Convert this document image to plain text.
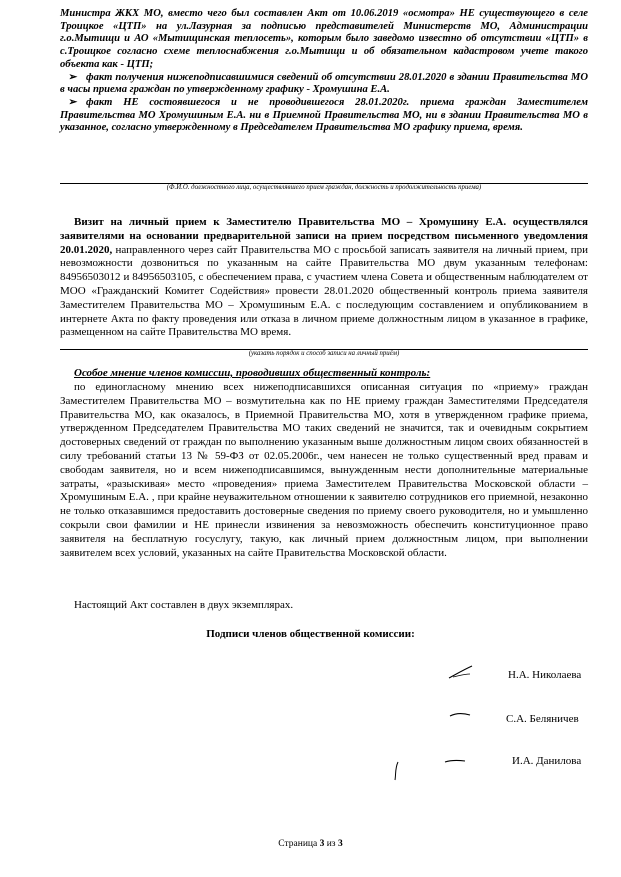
Министра ЖКХ МО, вместо чего был составлен Акт от 10.06.2019 «осмотра» НЕ существующего в селе Троицкое «ЦТП» на ул.Лазурная за подписью представителей Министерств МО, Администрации г.о.Мытищи и АО «Мытищинская теплосеть», которым было заведомо известно об отсутствии «ЦТП» в с.Троицкое согласно схеме теплоснабжения г.о.Мытищи и об обязательном кадастровом учете такого объекта как - ЦТП;

➢ факт получения нижеподписавшимися сведений об отсутствии 28.01.2020 в здании Правительства МО в часы приема граждан по утвержденному графику - Хромушина Е.А.

➢ факт НЕ состоявшегося и не проводившегося 28.01.2020г. приема граждан Заместителем Правительства МО Хромушиным Е.А. ни в Приемной Правительства МО, ни в здании Правительства МО в указанное, согласно утвержденному в Председателем Правительства МО графику приема, время.

(Ф.И.О. должностного лица, осуществлявшего прием граждан, должность и продолжительность приема)

Визит на личный прием к Заместителю Правительства МО – Хромушину Е.А. осуществлялся заявителями на основании предварительной записи на прием посредством письменного уведомления 20.01.2020, направленного через сайт Правительства МО с просьбой записать заявителя на личный прием, при невозможности дозвониться по указанным на сайте Правительства МО двум указанным телефонам: 84956503012 и 84956503105, с обеспечением права, с участием члена Совета и общественным наблюдателем от МОО «Гражданский Комитет Содействия» провести 28.01.2020 общественный контроль приема заявителя Заместителем Правительства МО – Хромушиным Е.А. с последующим составлением и опубликованием в интернете Акта по факту проведения или отказа в личном приеме должностным лицом в указанное в графике, размещенном на сайте Правительства МО время.

(указать порядок и способ записи на личный приём)
Особое мнение членов комиссии, проводивших общественный контроль:

по единогласному мнению всех нижеподписавшихся описанная ситуация по «приему» граждан Заместителем Правительства МО – возмутительна как по НЕ приему граждан Заместителями Председателя Правительства МО, как оказалось, в Приемной Правительства МО, хотя в утвержденном графике приема, утвержденном Председателем Правительства МО таких сведений не значится, так и очевидным сокрытием достоверных сведений от граждан по выполнению указанным выше должностным лицом своих обязанностей в силу требований статьи 13 № 59-ФЗ от 02.05.2006г., чем нанесен не только существенный вред правам и свободам заявителя, но и всем нижеподписавшимся, вынужденным нести дополнительные материальные затраты, «разыскивая» место «проведения» приема Заместителем Правительства Московской области – Хромушиным Е.А. , при крайне неуважительном отношении к заявителю сотрудников его приемной, незаконно не только отказавшимся предоставить достоверные сведения по приему своего руководителя, но и умышленно сокрыли свои фамилии и НЕ принесли извинения за невозможность обеспечить конституционное право заявителя на бесплатную госуслугу, такую, как личный прием должностным лицом, при выполнении заявителем всех условий, указанных на сайте Правительства Московской области.

Настоящий Акт составлен в двух экземплярах.
Подписи членов общественной комиссии:
Н.А. Николаева
С.А. Беляничев
И.А. Данилова
Страница 3 из 3
